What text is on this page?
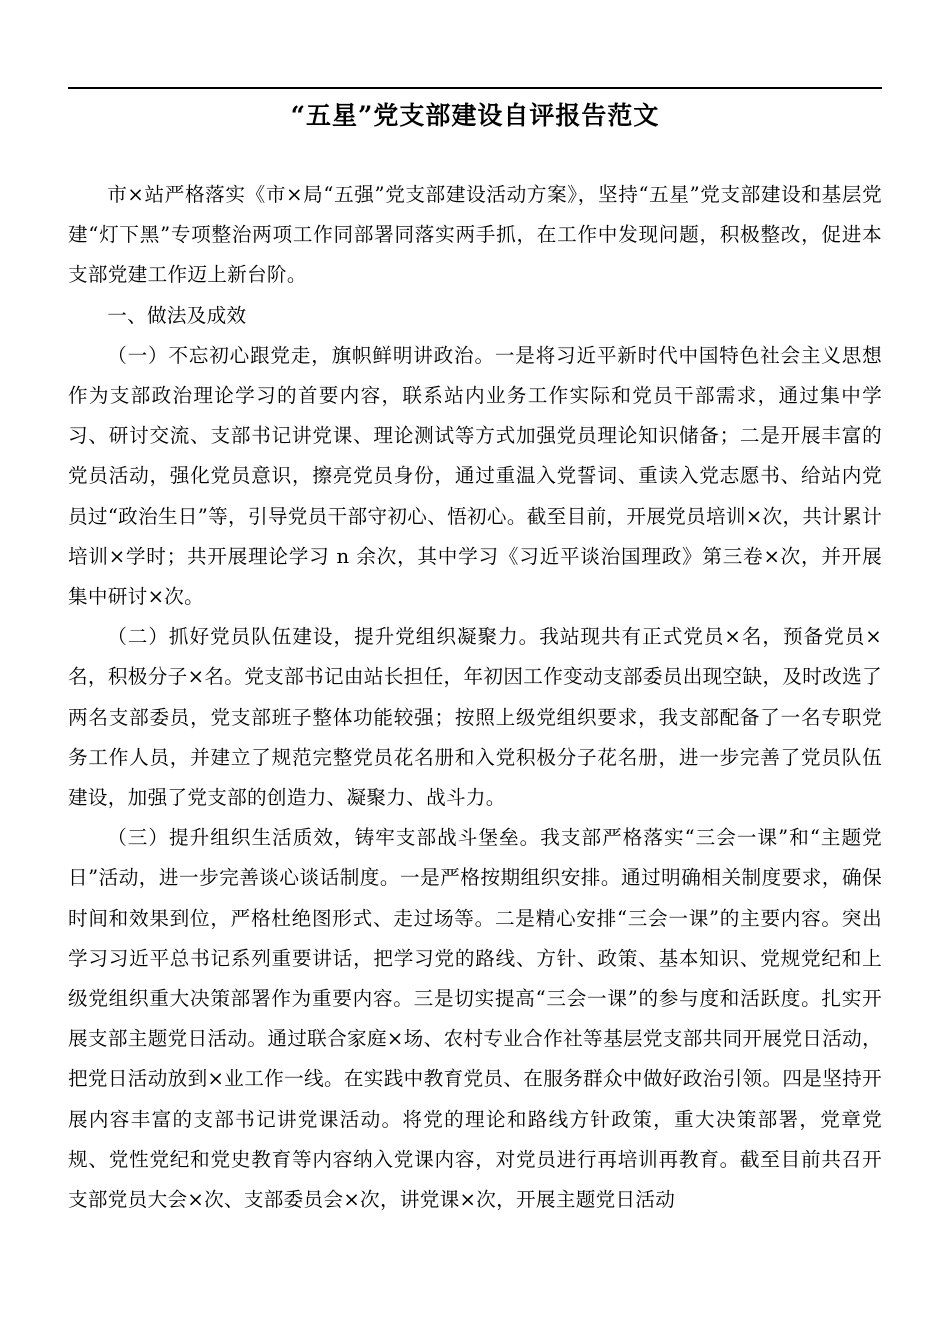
“五星”党支部建设自评报告范文

市×站严格落实《市×局“五强”党支部建设活动方案》，坚持“五星”党支部建设和基层党建“灯下黑”专项整治两项工作同部署同落实两手抓，在工作中发现问题，积极整改，促进本支部党建工作迈上新台阶。

一、做法及成效

（一）不忘初心跟党走，旗帜鲜明讲政治。一是将习近平新时代中国特色社会主义思想作为支部政治理论学习的首要内容，联系站内业务工作实际和党员干部需求，通过集中学习、研讨交流、支部书记讲党课、理论测试等方式加强党员理论知识储备；二是开展丰富的党员活动，强化党员意识，擦亮党员身份，通过重温入党誓词、重读入党志愿书、给站内党员过“政治生日”等，引导党员干部守初心、悟初心。截至目前，开展党员培训×次，共计累计培训×学时；共开展理论学习 n 余次，其中学习《习近平谈治国理政》第三卷×次，并开展集中研讨×次。

（二）抓好党员队伍建设，提升党组织凝聚力。我站现共有正式党员×名，预备党员×名，积极分子×名。党支部书记由站长担任，年初因工作变动支部委员出现空缺，及时改选了两名支部委员，党支部班子整体功能较强；按照上级党组织要求，我支部配备了一名专职党务工作人员，并建立了规范完整党员花名册和入党积极分子花名册，进一步完善了党员队伍建设，加强了党支部的创造力、凝聚力、战斗力。

（三）提升组织生活质效，铸牢支部战斗堡垒。我支部严格落实“三会一课”和“主题党日”活动，进一步完善谈心谈话制度。一是严格按期组织安排。通过明确相关制度要求，确保时间和效果到位，严格杜绝图形式、走过场等。二是精心安排“三会一课”的主要内容。突出学习习近平总书记系列重要讲话，把学习党的路线、方针、政策、基本知识、党规党纪和上级党组织重大决策部署作为重要内容。三是切实提高“三会一课”的参与度和活跃度。扎实开展支部主题党日活动。通过联合家庭×场、农村专业合作社等基层党支部共同开展党日活动，把党日活动放到×业工作一线。在实践中教育党员、在服务群众中做好政治引领。四是坚持开展内容丰富的支部书记讲党课活动。将党的理论和路线方针政策，重大决策部署，党章党规、党性党纪和党史教育等内容纳入党课内容，对党员进行再培训再教育。截至目前共召开支部党员大会×次、支部委员会×次，讲党课×次，开展主题党日活动
